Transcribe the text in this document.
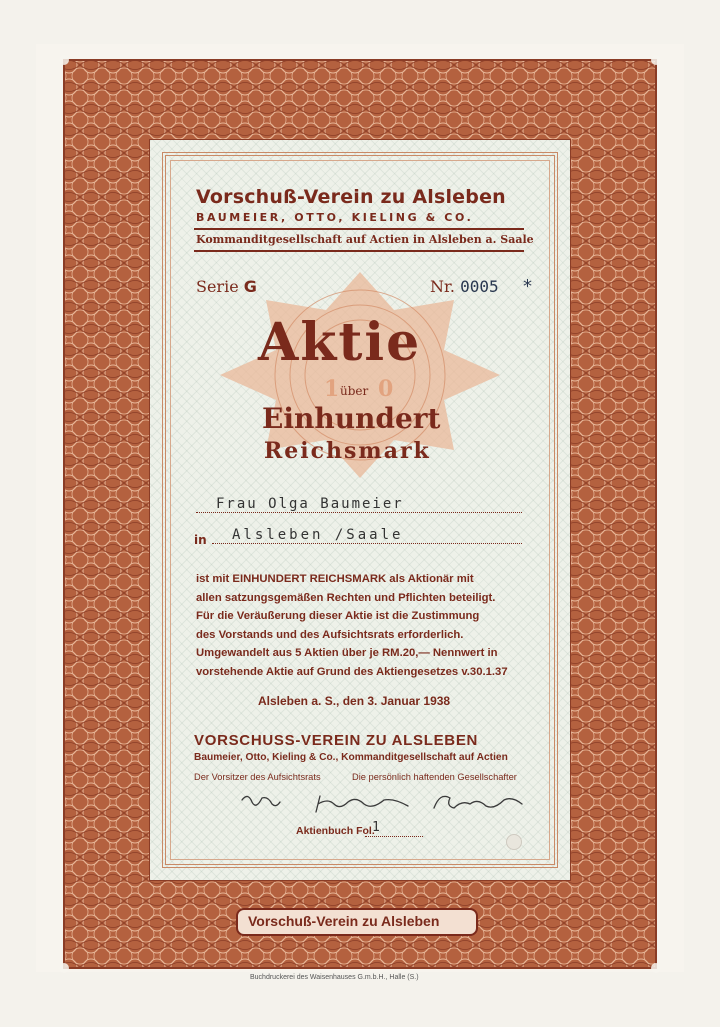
Vorschuß-Verein zu Alsleben
BAUMEIER, OTTO, KIELING & CO.
Kommanditgesellschaft auf Actien in Alsleben a. Saale
Serie G	Nr. 0005 *
Aktie
1 über 0
Einhundert
Reichsmark
Frau Olga Baumeier
in Alsleben /Saale
ist mit EINHUNDERT REICHSMARK als Aktionär mit
allen satzungsgemäßen Rechten und Pflichten beteiligt.
Für die Veräußerung dieser Aktie ist die Zustimmung
des Vorstands und des Aufsichtsrats erforderlich.
Umgewandelt aus 5 Aktien über je RM.20,— Nennwert in
vorstehende Aktie auf Grund des Aktiengesetzes v.30.1.37
Alsleben a. S., den 3. Januar 1938
VORSCHUSS-VEREIN ZU ALSLEBEN
Baumeier, Otto, Kieling & Co., Kommanditgesellschaft auf Actien
Der Vorsitzer des Aufsichtsrats	Die persönlich haftenden Gesellschafter
Aktienbuch Fol.
1
Vorschuß-Verein zu Alsleben
Buchdruckerei des Waisenhauses G.m.b.H., Halle (S.)
